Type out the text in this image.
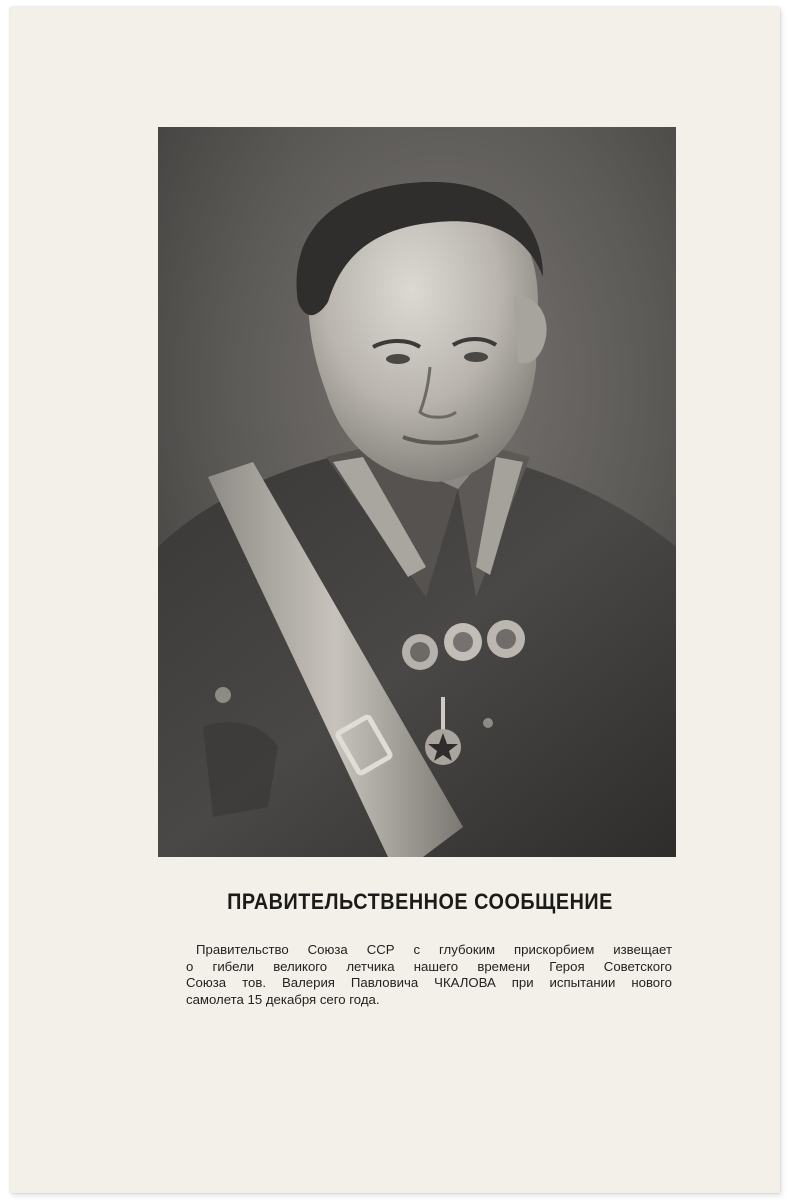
ПРАВИТЕЛЬСТВЕННОЕ СООБЩЕНИЕ
Правительство Союза ССР с глубоким прискорбием извещает
о гибели великого летчика нашего времени Героя Советского
Союза тов. Валерия Павловича ЧКАЛОВА при испытании нового
самолета 15 декабря сего года.
